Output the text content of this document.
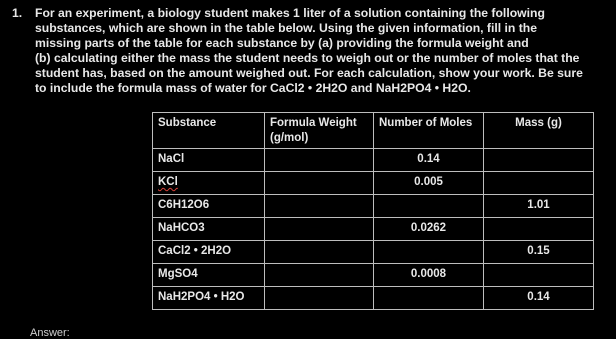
1.	For an experiment, a biology student makes 1 liter of a solution containing the following
substances, which are shown in the table below. Using the given information, fill in the
missing parts of the table for each substance by (a) providing the formula weight and
(b) calculating either the mass the student needs to weigh out or the number of moles that the
student has, based on the amount weighed out. For each calculation, show your work. Be sure
to include the formula mass of water for CaCl2 • 2H2O and NaH2PO4 • H2O.
Substance	Formula Weight (g/mol)	Number of Moles	Mass (g)
NaCl		0.14	
KCl		0.005	
C6H12O6			1.01
NaHCO3		0.0262	
CaCl2 • 2H2O			0.15
MgSO4		0.0008	
NaH2PO4 • H2O			0.14
Answer:
